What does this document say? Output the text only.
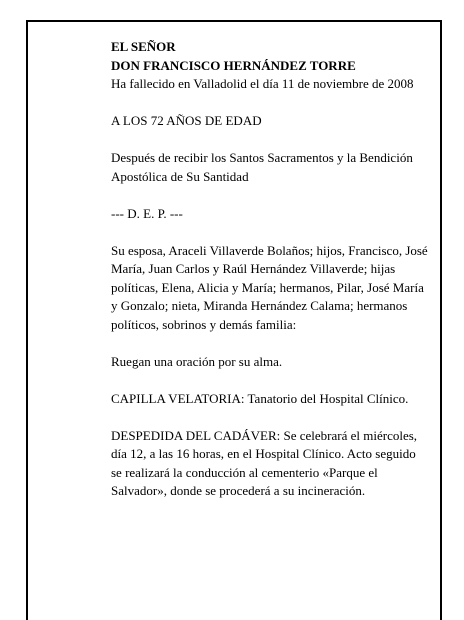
EL SEÑOR

DON FRANCISCO HERNÁNDEZ TORRE

Ha fallecido en Valladolid el día 11 de noviembre de 2008

A LOS 72 AÑOS DE EDAD

Después de recibir los Santos Sacramentos y la Bendición Apostólica de Su Santidad

--- D. E. P. ---

Su esposa, Araceli Villaverde Bolaños; hijos, Francisco, José María, Juan Carlos y Raúl Hernández Villaverde; hijas políticas, Elena, Alicia y María; hermanos, Pilar, José María y Gonzalo; nieta, Miranda Hernández Calama; hermanos políticos, sobrinos y demás familia:

Ruegan una oración por su alma.

CAPILLA VELATORIA: Tanatorio del Hospital Clínico.

DESPEDIDA DEL CADÁVER: Se celebrará el miércoles, día 12, a las 16 horas, en el Hospital Clínico. Acto seguido se realizará la conducción al cementerio «Parque el Salvador», donde se procederá a su incineración.
